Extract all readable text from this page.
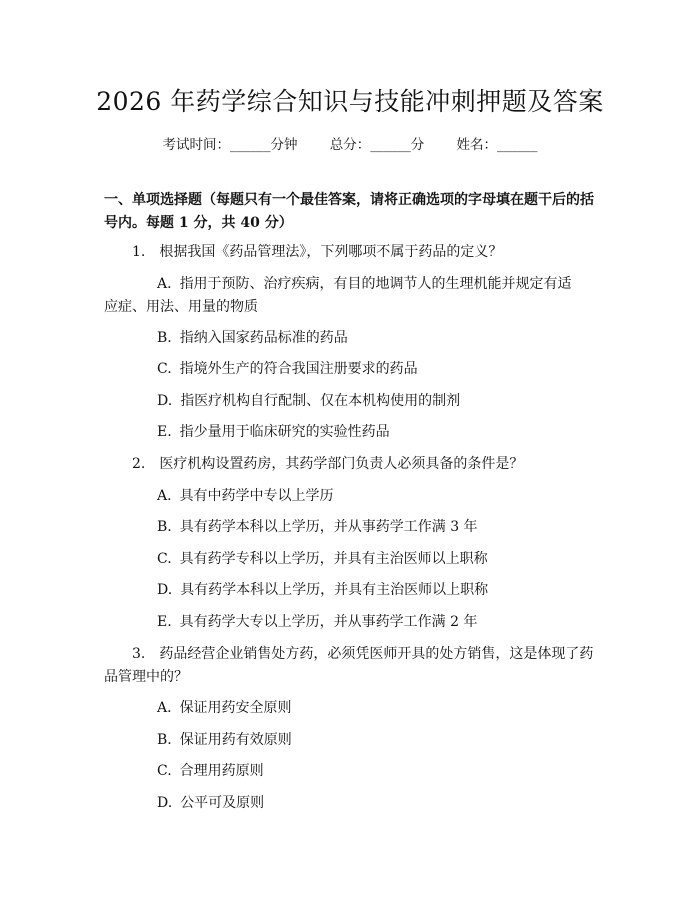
2026 年药学综合知识与技能冲刺押题及答案
考试时间：______分钟 总分：______分 姓名：______
一、单项选择题（每题只有一个最佳答案，请将正确选项的字母填在题干后的括号内。每题 1 分，共 40 分）
1. 根据我国《药品管理法》，下列哪项不属于药品的定义？
A. 指用于预防、治疗疾病，有目的地调节人的生理机能并规定有适应症、用法、用量的物质
B. 指纳入国家药品标准的药品
C. 指境外生产的符合我国注册要求的药品
D. 指医疗机构自行配制、仅在本机构使用的制剂
E. 指少量用于临床研究的实验性药品
2. 医疗机构设置药房，其药学部门负责人必须具备的条件是？
A. 具有中药学中专以上学历
B. 具有药学本科以上学历，并从事药学工作满 3 年
C. 具有药学专科以上学历，并具有主治医师以上职称
D. 具有药学本科以上学历，并具有主治医师以上职称
E. 具有药学大专以上学历，并从事药学工作满 2 年
3. 药品经营企业销售处方药，必须凭医师开具的处方销售，这是体现了药品管理中的？
A. 保证用药安全原则
B. 保证用药有效原则
C. 合理用药原则
D. 公平可及原则
